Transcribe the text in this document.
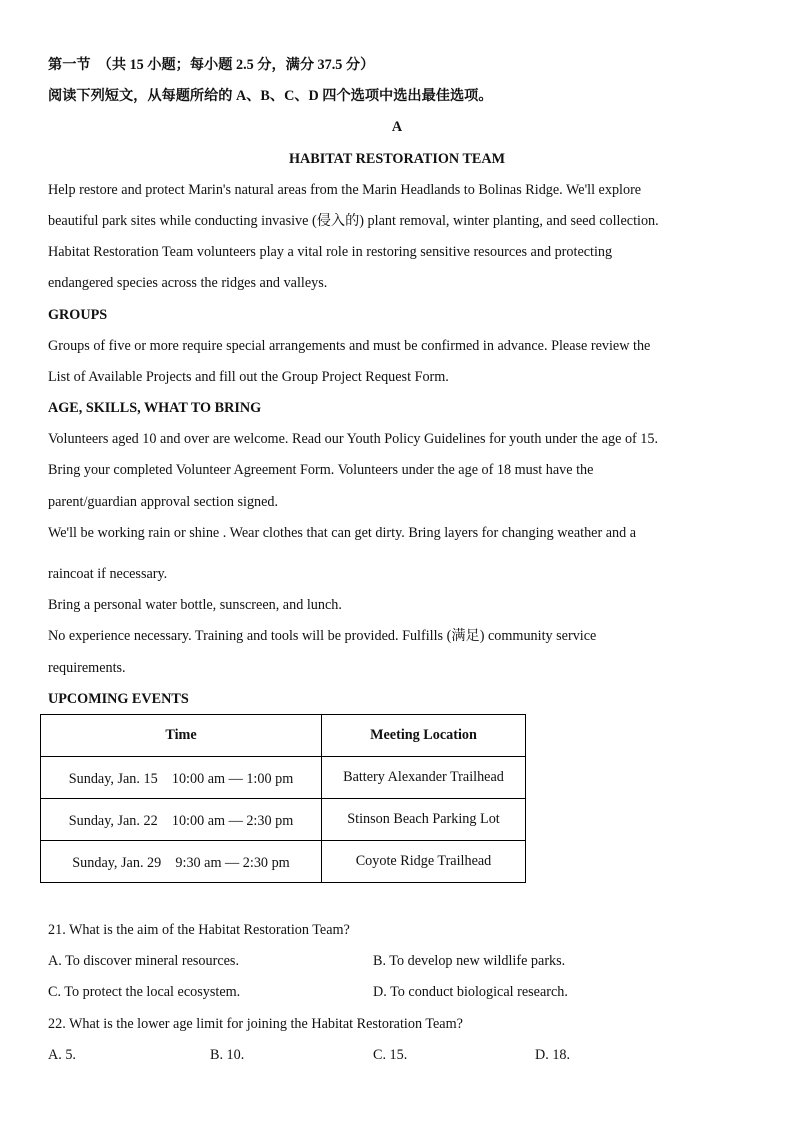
第一节　（共 15 小题；每小题 2.5 分，满分 37.5 分）
阅读下列短文，从每题所给的 A、B、C、D 四个选项中选出最佳选项。
A
HABITAT RESTORATION TEAM
Help restore and protect Marin's natural areas from the Marin Headlands to Bolinas Ridge. We'll explore
beautiful park sites while conducting invasive (侵入的) plant removal, winter planting, and seed collection.
Habitat Restoration Team volunteers play a vital role in restoring sensitive resources and protecting
endangered species across the ridges and valleys.
GROUPS
Groups of five or more require special arrangements and must be confirmed in advance. Please review the
List of Available Projects and fill out the Group Project Request Form.
AGE, SKILLS, WHAT TO BRING
Volunteers aged 10 and over are welcome. Read our Youth Policy Guidelines for youth under the age of 15.
Bring your completed Volunteer Agreement Form. Volunteers under the age of 18 must have the
parent/guardian approval section signed.
We'll be working rain or shine . Wear clothes that can get dirty. Bring layers for changing weather and a
raincoat if necessary.
Bring a personal water bottle, sunscreen, and lunch.
No experience necessary. Training and tools will be provided. Fulfills (满足) community service
requirements.
UPCOMING EVENTS
Time	Meeting Location
Sunday, Jan. 15　10:00 am — 1:00 pm	Battery Alexander Trailhead
Sunday, Jan. 22　10:00 am — 2:30 pm	Stinson Beach Parking Lot
Sunday, Jan. 29　9:30 am — 2:30 pm	Coyote Ridge Trailhead
21. What is the aim of the Habitat Restoration Team?
A. To discover mineral resources.	B. To develop new wildlife parks.
C. To protect the local ecosystem.	D. To conduct biological research.
22. What is the lower age limit for joining the Habitat Restoration Team?
A. 5.	B. 10.	C. 15.	D. 18.
